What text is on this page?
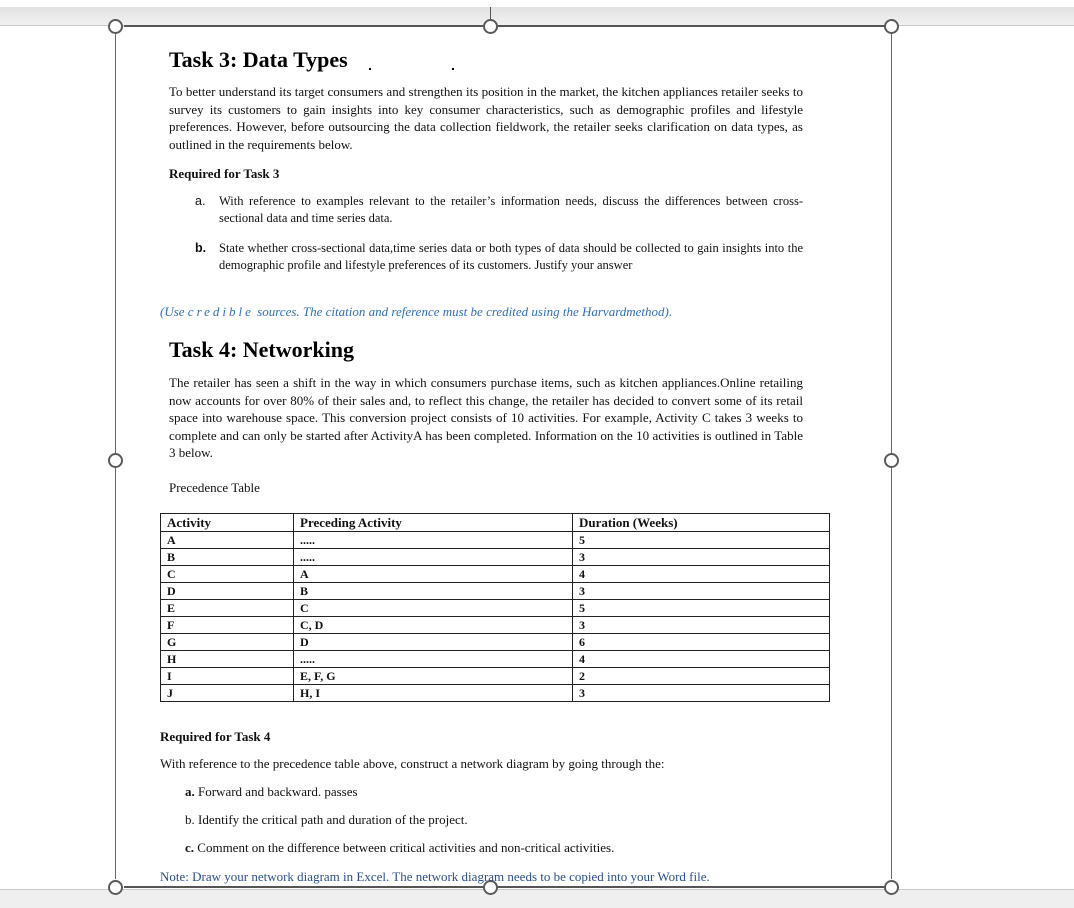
Task 3: Data Types
To better understand its target consumers and strengthen its position in the market, the kitchen appliances retailer seeks to survey its customers to gain insights into key consumer characteristics, such as demographic profiles and lifestyle preferences. However, before outsourcing the data collection fieldwork, the retailer seeks clarification on data types, as outlined in the requirements below.
Required for Task 3
a. With reference to examples relevant to the retailer’s information needs, discuss the differences between cross-sectional data and time series data.
b. State whether cross-sectional data,time series data or both types of data should be collected to gain insights into the demographic profile and lifestyle preferences of its customers. Justify your answer
(Use credible sources. The citation and reference must be credited using the Harvardmethod).
Task 4: Networking
The retailer has seen a shift in the way in which consumers purchase items, such as kitchen appliances.Online retailing now accounts for over 80% of their sales and, to reflect this change, the retailer has decided to convert some of its retail space into warehouse space. This conversion project consists of 10 activities. For example, Activity C takes 3 weeks to complete and can only be started after ActivityA has been completed. Information on the 10 activities is outlined in Table 3 below.
Precedence Table
Activity	Preceding Activity	Duration (Weeks)
A	.....	5
B	.....	3
C	A	4
D	B	3
E	C	5
F	C, D	3
G	D	6
H	.....	4
I	E, F, G	2
J	H, I	3
Required for Task 4
With reference to the precedence table above, construct a network diagram by going through the:
a. Forward and backward. passes
b. Identify the critical path and duration of the project.
c. Comment on the difference between critical activities and non-critical activities.
Note: Draw your network diagram in Excel. The network diagram needs to be copied into your Word file.
